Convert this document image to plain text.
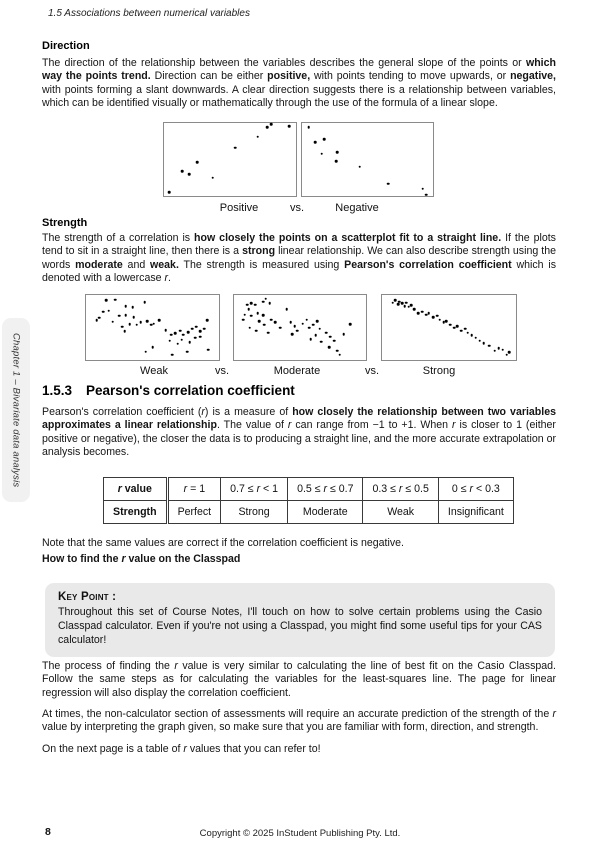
1.5 Associations between numerical variables
Chapter 1 – Bivariate data analysis
Direction
The direction of the relationship between the variables describes the general slope of the points or which way the points trend. Direction can be either positive, with points tending to move upwards, or negative, with points forming a slant downwards. A clear direction suggests there is a relationship between variables, which can be identified visually or mathematically through the use of the formula of a linear slope.
Positive	vs.	Negative
Strength
The strength of a correlation is how closely the points on a scatterplot fit to a straight line. If the plots tend to sit in a straight line, then there is a strong linear relationship. We can also describe strength using the words moderate and weak. The strength is measured using Pearson's correlation coefficient which is denoted with a lowercase r.
Weak	vs.	Moderate	vs.	Strong
1.5.3 Pearson's correlation coefficient
Pearson's correlation coefficient (r) is a measure of how closely the relationship between two variables approximates a linear relationship. The value of r can range from −1 to +1. When r is closer to 1 (either positive or negative), the closer the data is to producing a straight line, and the more accurate extrapolation or analysis becomes.
r value	r = 1	0.7 ≤ r < 1	0.5 ≤ r ≤ 0.7	0.3 ≤ r ≤ 0.5	0 ≤ r < 0.3
Strength	Perfect	Strong	Moderate	Weak	Insignificant
Note that the same values are correct if the correlation coefficient is negative.
How to find the r value on the Classpad
Key Point :
Throughout this set of Course Notes, I'll touch on how to solve certain problems using the Casio Classpad calculator. Even if you're not using a Classpad, you might find some useful tips for your CAS calculator!
The process of finding the r value is very similar to calculating the line of best fit on the Casio Classpad. Follow the same steps as for calculating the variables for the least-squares line. The page for linear regression will also display the correlation coefficient.
At times, the non-calculator section of assessments will require an accurate prediction of the strength of the r value by interpreting the graph given, so make sure that you are familiar with form, direction, and strength.
On the next page is a table of r values that you can refer to!
Copyright © 2025 InStudent Publishing Pty. Ltd.
8
